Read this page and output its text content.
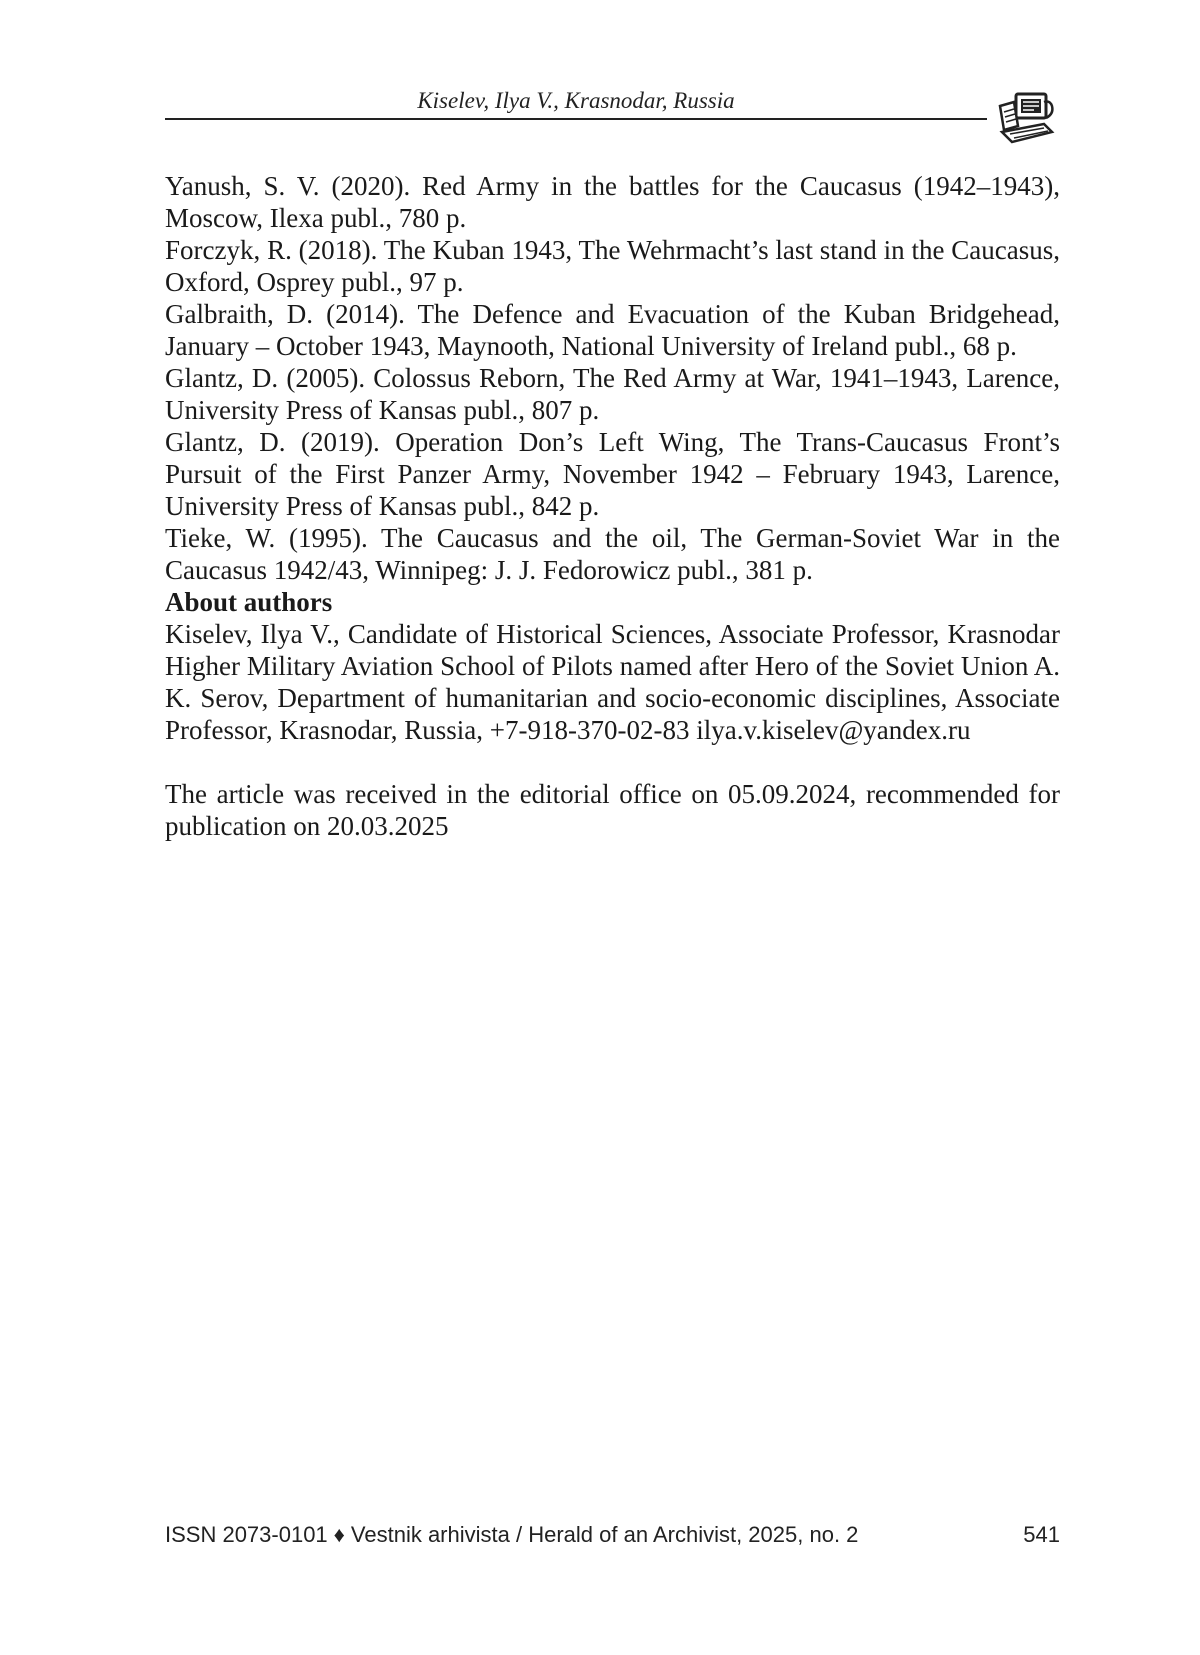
Kiselev, Ilya V., Krasnodar, Russia

Yanush, S. V. (2020). Red Army in the battles for the Caucasus (1942–1943), Moscow, Ilexa publ., 780 p.

Forczyk, R. (2018). The Kuban 1943, The Wehrmacht’s last stand in the Caucasus, Oxford, Osprey publ., 97 p.

Galbraith, D. (2014). The Defence and Evacuation of the Kuban Bridgehead, January – October 1943, Maynooth, National University of Ireland publ., 68 p.

Glantz, D. (2005). Colossus Reborn, The Red Army at War, 1941–1943, Larence, University Press of Kansas publ., 807 p.

Glantz, D. (2019). Operation Don’s Left Wing, The Trans-Caucasus Front’s Pursuit of the First Panzer Army, November 1942 – February 1943, Larence, University Press of Kansas publ., 842 p.

Tieke, W. (1995). The Caucasus and the oil, The German-Soviet War in the Caucasus 1942/43, Winnipeg: J. J. Fedorowicz publ., 381 p.

About authors

Kiselev, Ilya V., Candidate of Historical Sciences, Associate Professor, Krasnodar Higher Military Aviation School of Pilots named after Hero of the Soviet Union A. K. Serov, Department of humanitarian and socio-economic disciplines, Associate Professor, Krasnodar, Russia, +7-918-370-02-83 ilya.v.kiselev@yandex.ru

The article was received in the editorial office on 05.09.2024, recommended for publication on 20.03.2025

ISSN 2073-0101 ♦ Vestnik arhivista / Herald of an Archivist, 2025, no. 2	541
